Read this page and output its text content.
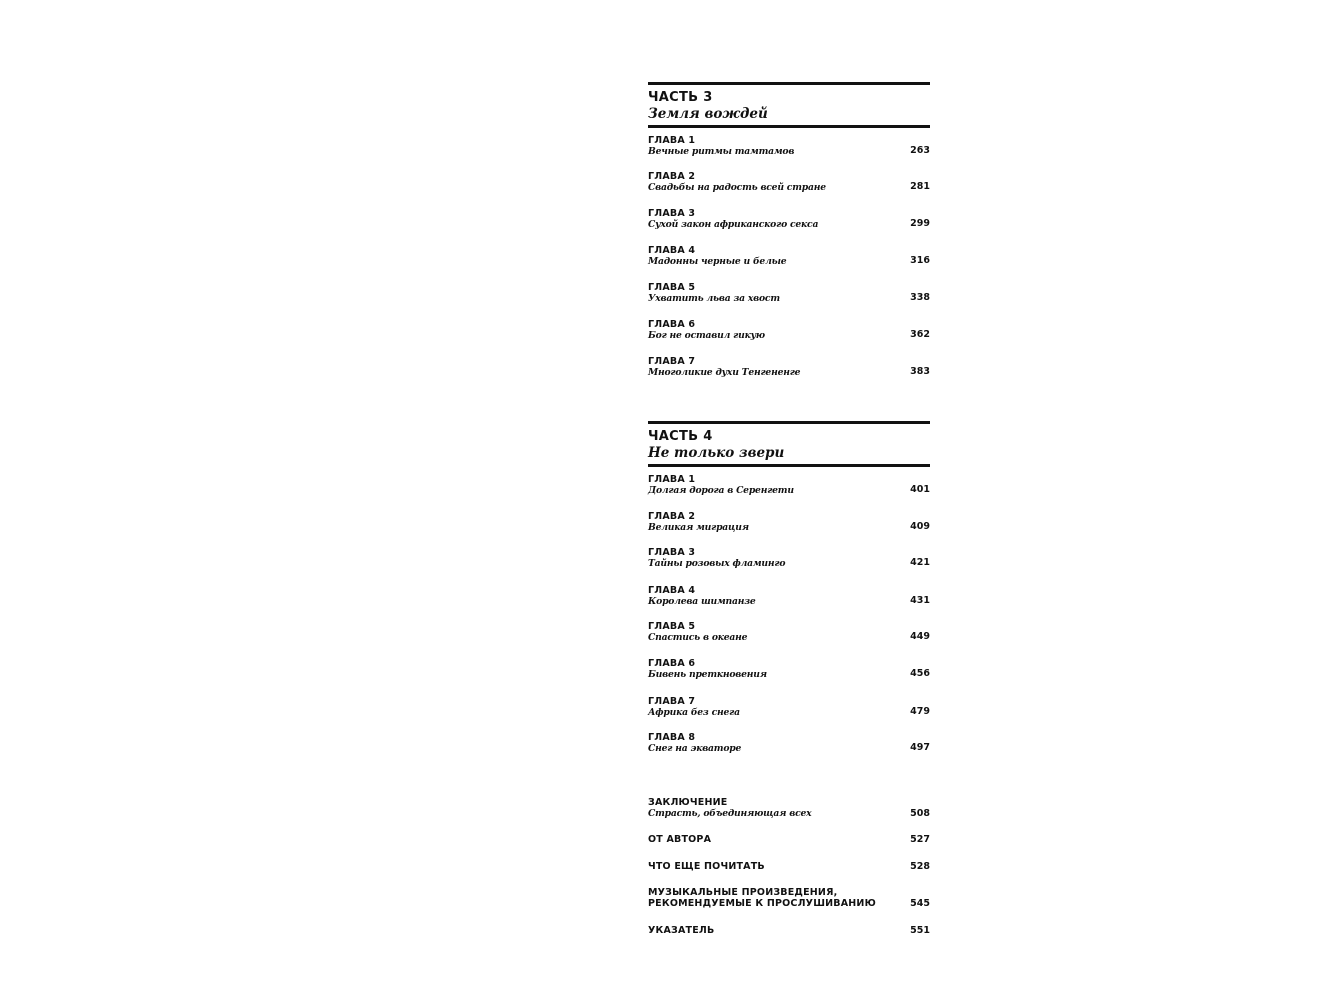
ЧАСТЬ 3
Земля вождей
ГЛАВА 1
Вечные ритмы тамтамов	263
ГЛАВА 2
Свадьбы на радость всей стране	281
ГЛАВА 3
Сухой закон африканского секса	299
ГЛАВА 4
Мадонны черные и белые	316
ГЛАВА 5
Ухватить льва за хвост	338
ГЛАВА 6
Бог не оставил гикую	362
ГЛАВА 7
Многоликие духи Тенгененге	383
ЧАСТЬ 4
Не только звери
ГЛАВА 1
Долгая дорога в Серенгети	401
ГЛАВА 2
Великая миграция	409
ГЛАВА 3
Тайны розовых фламинго	421
ГЛАВА 4
Королева шимпанзе	431
ГЛАВА 5
Спастись в океане	449
ГЛАВА 6
Бивень преткновения	456
ГЛАВА 7
Африка без снега	479
ГЛАВА 8
Снег на экваторе	497
ЗАКЛЮЧЕНИЕ
Страсть, объединяющая всех	508
ОТ АВТОРА	527
ЧТО ЕЩЕ ПОЧИТАТЬ	528
МУЗЫКАЛЬНЫЕ ПРОИЗВЕДЕНИЯ,
РЕКОМЕНДУЕМЫЕ К ПРОСЛУШИВАНИЮ	545
УКАЗАТЕЛЬ	551
